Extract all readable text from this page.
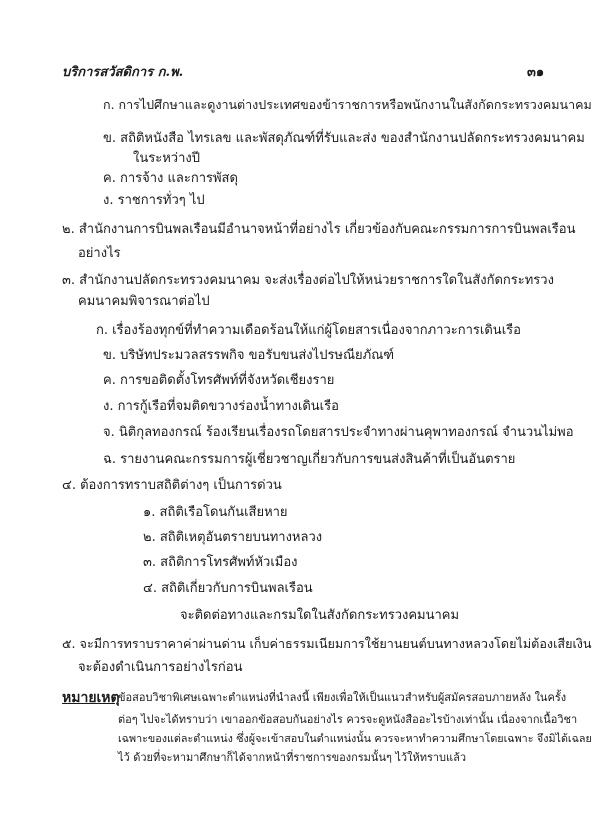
บริการสวัสดิการ ก.พ.	๓๑
ก. การไปศึกษาและดูงานต่างประเทศของข้าราชการหรือพนักงานในสังกัดกระทรวงคมนาคม
ข. สถิติหนังสือ ไทรเลข และพัสดุภัณฑ์ที่รับและส่ง ของสำนักงานปลัดกระทรวงคมนาคม
ในระหว่างปี
ค. การจ้าง และการพัสดุ
ง. ราชการทั่วๆ ไป
๒. สำนักงานการบินพลเรือนมีอำนาจหน้าที่อย่างไร เกี่ยวข้องกับคณะกรรมการการบินพลเรือน
อย่างไร
๓. สำนักงานปลัดกระทรวงคมนาคม จะส่งเรื่องต่อไปให้หน่วยราชการใดในสังกัดกระทรวง
คมนาคมพิจารณาต่อไป
ก. เรื่องร้องทุกข์ที่ทำความเดือดร้อนให้แก่ผู้โดยสารเนื่องจากภาวะการเดินเรือ
ข. บริษัทประมวลสรรพกิจ ขอรับขนส่งไปรษณียภัณฑ์
ค. การขอติดตั้งโทรศัพท์ที่จังหวัดเชียงราย
ง. การกู้เรือที่จมติดขวางร่องน้ำทางเดินเรือ
จ. นิติกุลทองกรณ์ ร้องเรียนเรื่องรถโดยสารประจำทางผ่านคุพาทองกรณ์ จำนวนไม่พอ
ฉ. รายงานคณะกรรมการผู้เชี่ยวชาญเกี่ยวกับการขนส่งสินค้าที่เป็นอันตราย
๔. ต้องการทราบสถิติต่างๆ เป็นการด่วน
๑. สถิติเรือโดนกันเสียหาย
๒. สถิติเหตุอันตรายบนทางหลวง
๓. สถิติการโทรศัพท์หัวเมือง
๔. สถิติเกี่ยวกับการบินพลเรือน
จะติดต่อทางและกรมใดในสังกัดกระทรวงคมนาคม
๕. จะมีการทราบราคาค่าผ่านด่าน เก็บค่าธรรมเนียมการใช้ยานยนต์บนทางหลวงโดยไม่ต้องเสียเงิน
จะต้องดำเนินการอย่างไรก่อน
หมายเหตุ
ข้อสอบวิชาพิเศษเฉพาะตำแหน่งที่นำลงนี้ เพียงเพื่อให้เป็นแนวสำหรับผู้สมัครสอบภายหลัง ในครั้ง
ต่อๆ ไปจะได้ทราบว่า เขาออกข้อสอบกันอย่างไร ควรจะดูหนังสืออะไรบ้างเท่านั้น เนื่องจากเนื้อวิชา
เฉพาะของแต่ละตำแหน่ง ซึ่งผู้จะเข้าสอบในตำแหน่งนั้น ควรจะหาทำความศึกษาโดยเฉพาะ จึงมิได้เฉลย
ไว้ ด้วยที่จะหามาศึกษาก็ได้จากหน้าที่ราชการของกรมนั้นๆ ไว้ให้ทราบแล้ว
